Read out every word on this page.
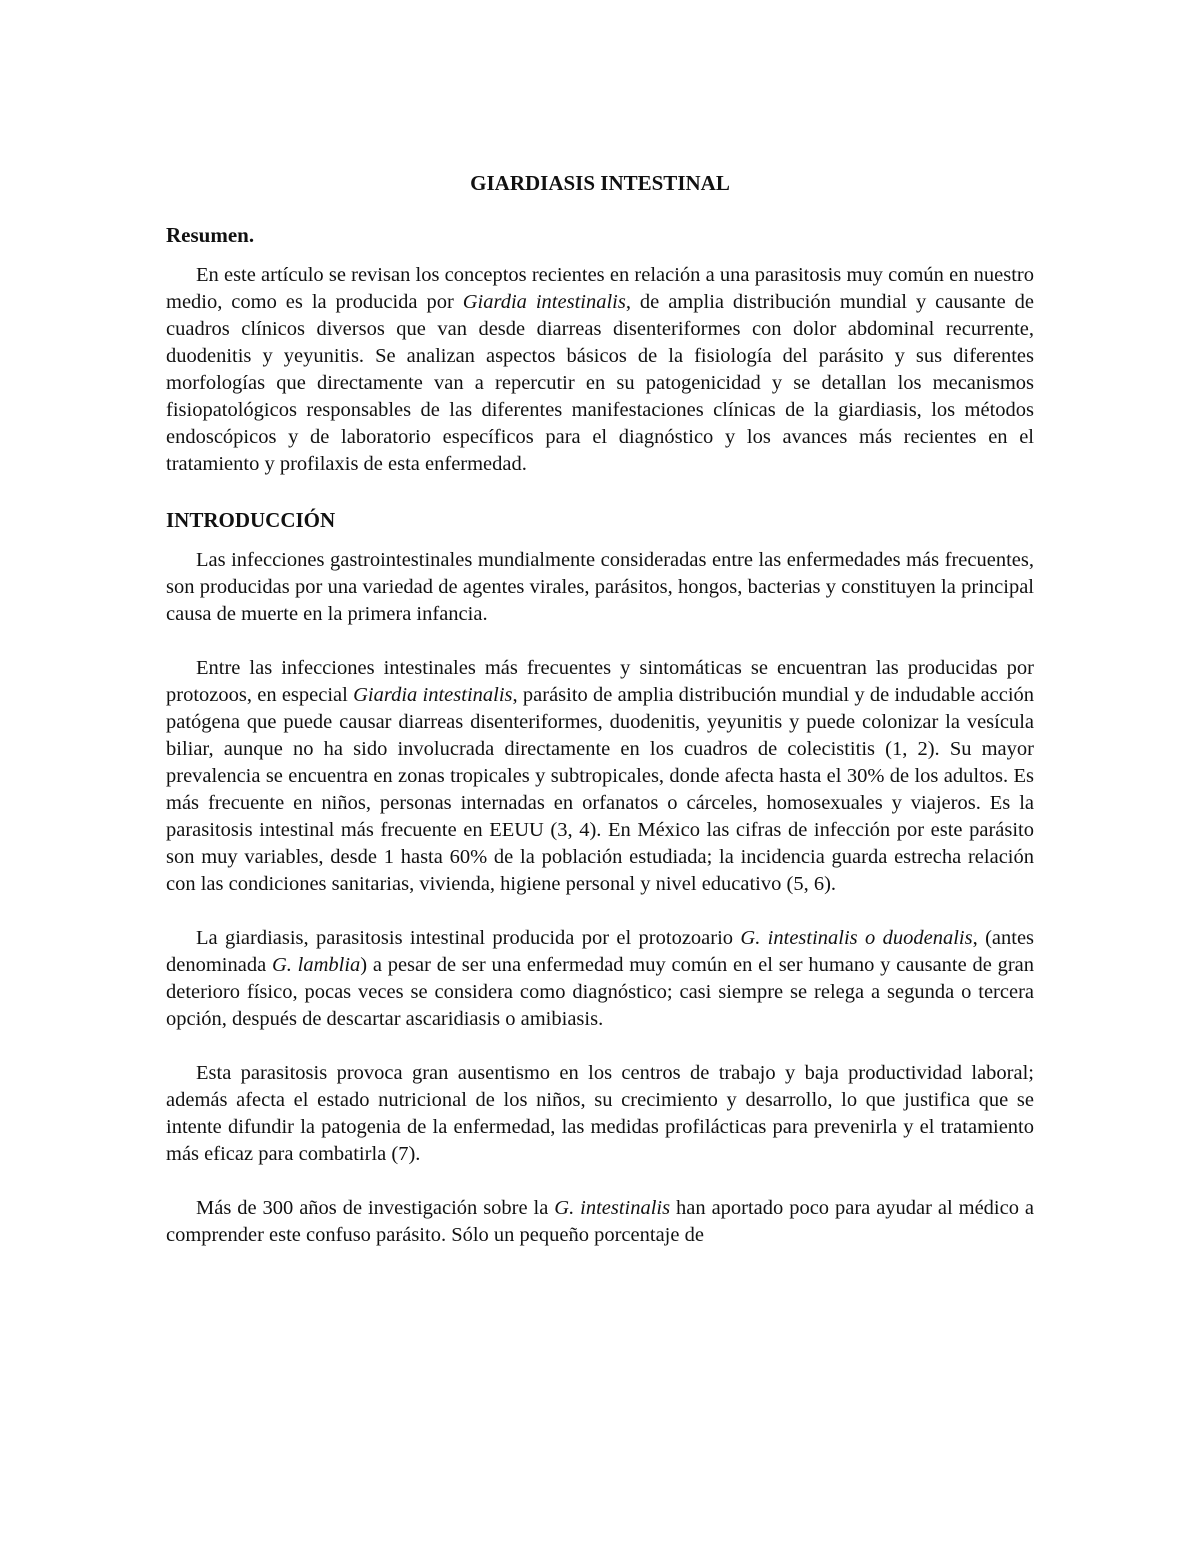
GIARDIASIS INTESTINAL
Resumen.

En este artículo se revisan los conceptos recientes en relación a una parasitosis muy común en nuestro medio, como es la producida por Giardia intestinalis, de amplia distribución mundial y causante de cuadros clínicos diversos que van desde diarreas disenteriformes con dolor abdominal recurrente, duodenitis y yeyunitis. Se analizan aspectos básicos de la fisiología del parásito y sus diferentes morfologías que directamente van a repercutir en su patogenicidad y se detallan los mecanismos fisiopatológicos responsables de las diferentes manifestaciones clínicas de la giardiasis, los métodos endoscópicos y de laboratorio específicos para el diagnóstico y los avances más recientes en el tratamiento y profilaxis de esta enfermedad.

INTRODUCCIÓN

Las infecciones gastrointestinales mundialmente consideradas entre las enfermedades más frecuentes, son producidas por una variedad de agentes virales, parásitos, hongos, bacterias y constituyen la principal causa de muerte en la primera infancia.

Entre las infecciones intestinales más frecuentes y sintomáticas se encuentran las producidas por protozoos, en especial Giardia intestinalis, parásito de amplia distribución mundial y de indudable acción patógena que puede causar diarreas disenteriformes, duodenitis, yeyunitis y puede colonizar la vesícula biliar, aunque no ha sido involucrada directamente en los cuadros de colecistitis (1, 2). Su mayor prevalencia se encuentra en zonas tropicales y subtropicales, donde afecta hasta el 30% de los adultos. Es más frecuente en niños, personas internadas en orfanatos o cárceles, homosexuales y viajeros. Es la parasitosis intestinal más frecuente en EEUU (3, 4). En México las cifras de infección por este parásito son muy variables, desde 1 hasta 60% de la población estudiada; la incidencia guarda estrecha relación con las condiciones sanitarias, vivienda, higiene personal y nivel educativo (5, 6).

La giardiasis, parasitosis intestinal producida por el protozoario G. intestinalis o duodenalis, (antes denominada G. lamblia) a pesar de ser una enfermedad muy común en el ser humano y causante de gran deterioro físico, pocas veces se considera como diagnóstico; casi siempre se relega a segunda o tercera opción, después de descartar ascaridiasis o amibiasis.

Esta parasitosis provoca gran ausentismo en los centros de trabajo y baja productividad laboral; además afecta el estado nutricional de los niños, su crecimiento y desarrollo, lo que justifica que se intente difundir la patogenia de la enfermedad, las medidas profilácticas para prevenirla y el tratamiento más eficaz para combatirla (7).

Más de 300 años de investigación sobre la G. intestinalis han aportado poco para ayudar al médico a comprender este confuso parásito. Sólo un pequeño porcentaje de
